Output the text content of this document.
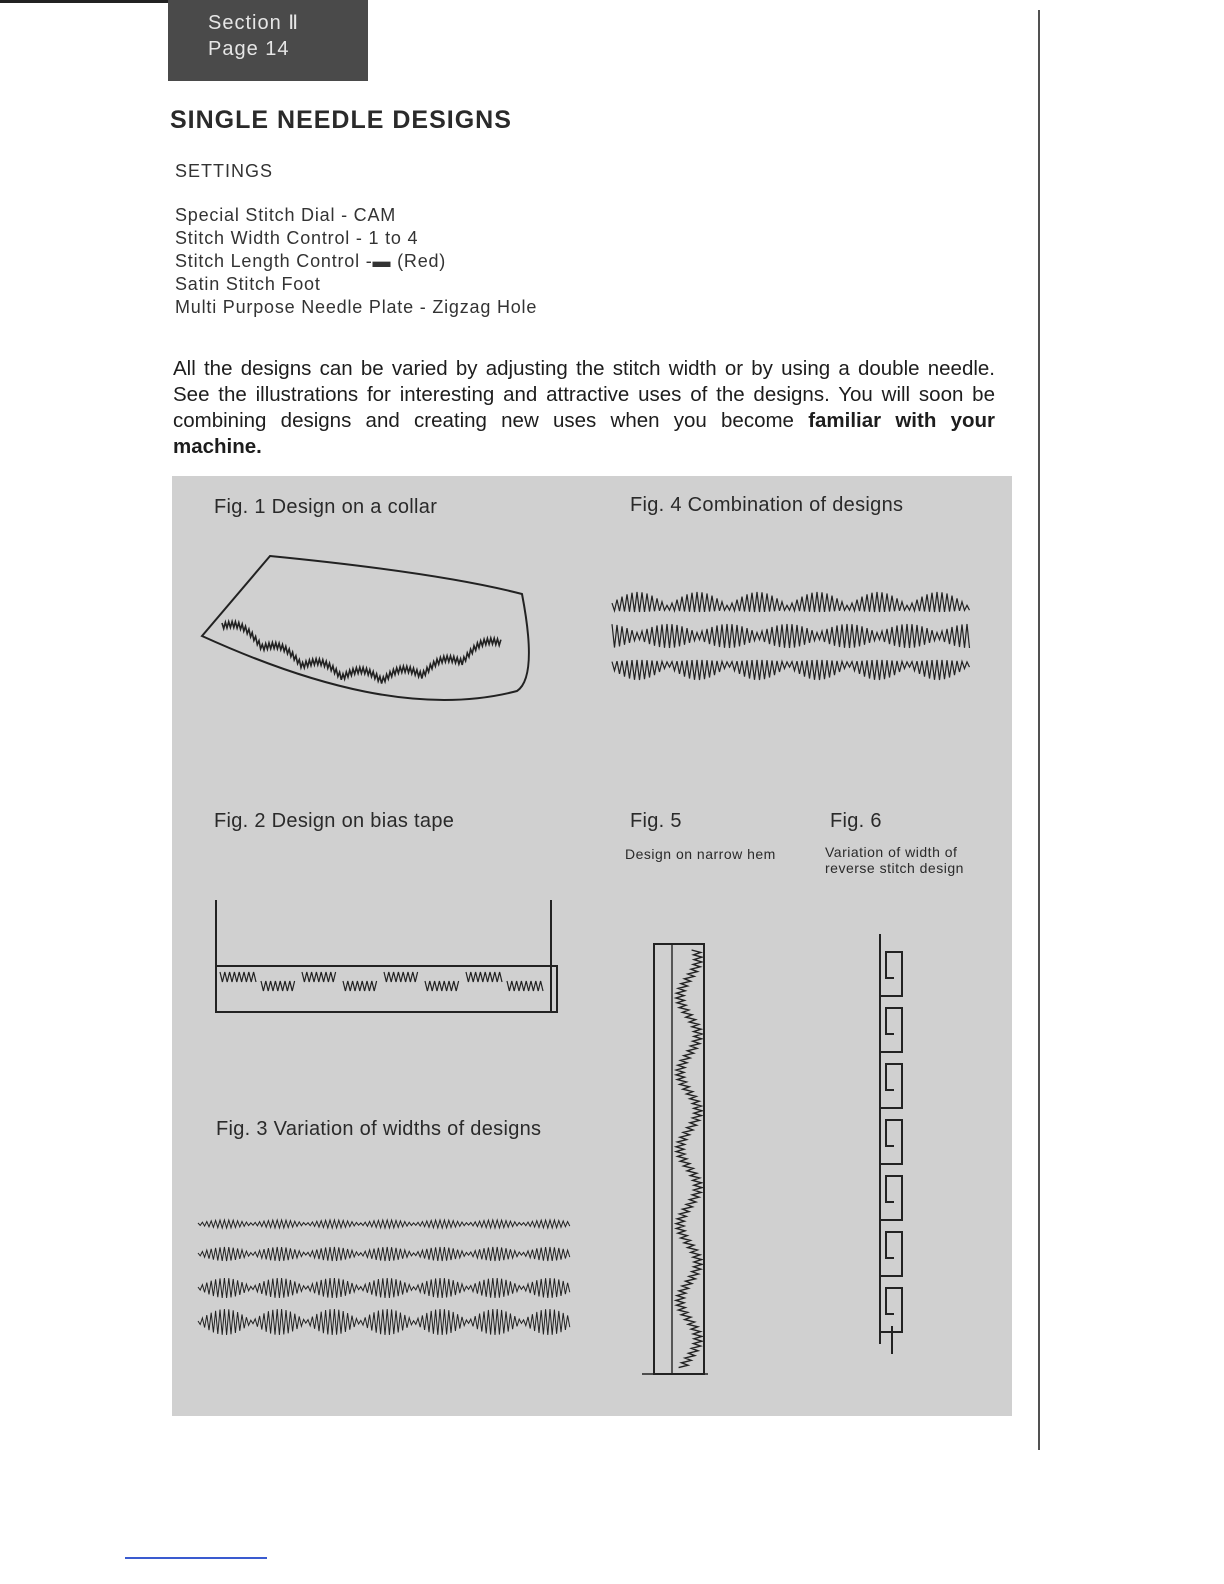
Section Ⅱ
Page 14
SINGLE NEEDLE DESIGNS
SETTINGS
Special Stitch Dial - CAM
Stitch Width Control - 1 to 4
Stitch Length Control -▬ (Red)
Satin Stitch Foot
Multi Purpose Needle Plate - Zigzag Hole
All the designs can be varied by adjusting the stitch width or by using a double needle. See the illustrations for interesting and attractive uses of the designs. You will soon be combining designs and creating new uses when you become familiar with your machine.
Fig. 1 Design on a collar	Fig. 4 Combination of designs
Fig. 2 Design on bias tape	Fig. 5
Design on narrow hem
Fig. 6
Variation of width of reverse stitch design
Fig. 3 Variation of widths of designs
